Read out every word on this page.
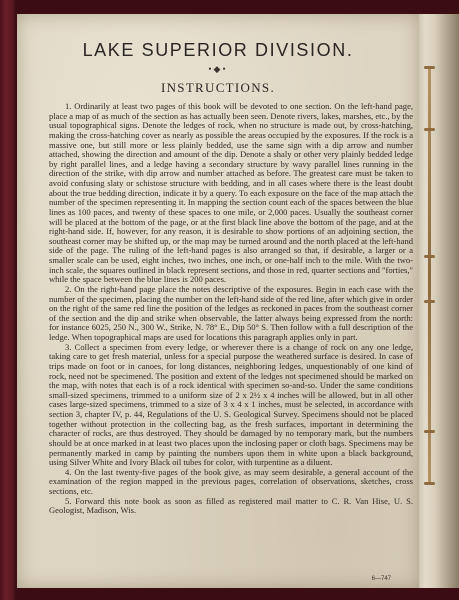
LAKE SUPERIOR DIVISION.
•◆•
INSTRUCTIONS.

1. Ordinarily at least two pages of this book will be devoted to one section. On the left-hand page, place a map of as much of the section as has actually been seen. Denote rivers, lakes, marshes, etc., by the usual topographical signs. Denote the ledges of rock, when no structure is made out, by cross-hatching, making the cross-hatching cover as nearly as possible the areas occupied by the exposures. If the rock is a massive one, but still more or less plainly bedded, use the same sign with a dip arrow and number attached, showing the direction and amount of the dip. Denote a shaly or other very plainly bedded ledge by right parallel lines, and a ledge having a secondary structure by wavy parallel lines running in the direction of the strike, with dip arrow and number attached as before. The greatest care must be taken to avoid confusing slaty or schistose structure with bedding, and in all cases where there is the least doubt about the true bedding direction, indicate it by a query. To each exposure on the face of the map attach the number of the specimen representing it. In mapping the section count each of the spaces between the blue lines as 100 paces, and twenty of these spaces to one mile, or 2,000 paces. Usually the southeast corner will be placed at the bottom of the page, or at the first black line above the bottom of the page, and at the right-hand side. If, however, for any reason, it is desirable to show portions of an adjoining section, the southeast corner may be shifted up, or the map may be turned around and the north placed at the left-hand side of the page. The ruling of the left-hand pages is also arranged so that, if desirable, a larger or a smaller scale can be used, eight inches, two inches, one inch, or one-half inch to the mile. With the two-inch scale, the squares outlined in black represent sections, and those in red, quarter sections and "forties," while the space between the blue lines is 200 paces.

2. On the right-hand page place the notes descriptive of the exposures. Begin in each case with the number of the specimen, placing the number on the left-hand side of the red line, after which give in order on the right of the same red line the position of the ledges as reckoned in paces from the southeast corner of the section and the dip and strike when observable, the latter always being expressed from the north: for instance 6025, 250 N., 300 W., Strike, N. 78° E., Dip 50° S. Then follow with a full description of the ledge. When topographical maps are used for locations this paragraph applies only in part.

3. Collect a specimen from every ledge, or wherever there is a change of rock on any one ledge, taking care to get fresh material, unless for a special purpose the weathered surface is desired. In case of trips made on foot or in canoes, for long distances, neighboring ledges, unquestionably of one kind of rock, need not be specimened. The position and extent of the ledges not specimened should be marked on the map, with notes that each is of a rock identical with specimen so-and-so. Under the same conditions small-sized specimens, trimmed to a uniform size of 2 x 2½ x 4 inches will be allowed, but in all other cases large-sized specimens, trimmed to a size of 3 x 4 x 1 inches, must be selected, in accordance with section 3, chapter IV, p. 44, Regulations of the U. S. Geological Survey. Specimens should not be placed together without protection in the collecting bag, as the fresh surfaces, important in determining the character of rocks, are thus destroyed. They should be damaged by no temporary mark, but the numbers should be at once marked in at least two places upon the inclosing paper or cloth bags. Specimens may be permanently marked in camp by painting the numbers upon them in white upon a black background, using Silver White and Ivory Black oil tubes for color, with turpentine as a diluent.

4. On the last twenty-five pages of the book give, as may seem desirable, a general account of the examination of the region mapped in the previous pages, correlation of observations, sketches, cross sections, etc.

5. Forward this note book as soon as filled as registered mail matter to C. R. Van Hise, U. S. Geologist, Madison, Wis.

6—747
